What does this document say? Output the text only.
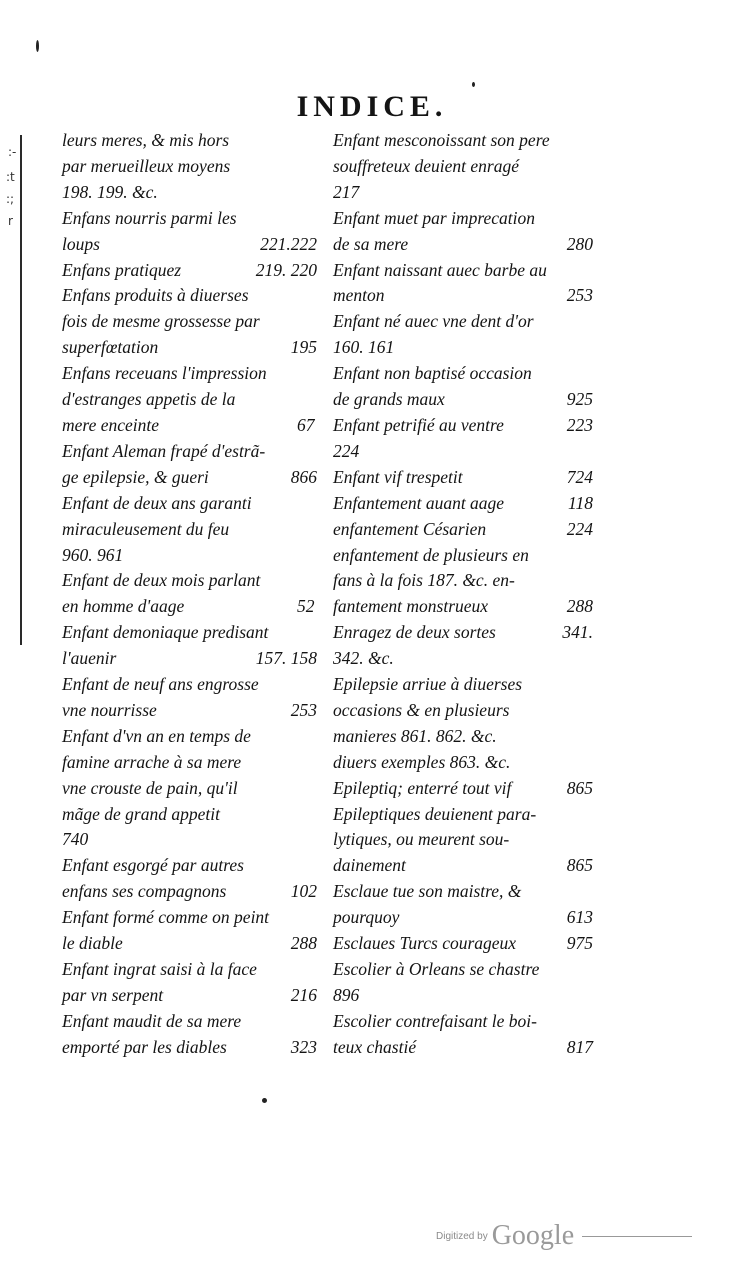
:-
:t
:;
r
INDICE.
leurs meres, & mis hors
par merueilleux moyens
198. 199. &c.
Enfans nourris parmi les
loups	221.222
Enfans pratiquez	219. 220
Enfans produits à diuerses
fois de mesme grossesse par
superfœtation	195
Enfans receuans l'impression
d'estranges appetis de la
mere enceinte	67
Enfant Aleman frapé d'estrã-
ge epilepsie, & gueri	866
Enfant de deux ans garanti
miraculeusement du feu
960. 961
Enfant de deux mois parlant
en homme d'aage	52
Enfant demoniaque predisant
l'auenir	157. 158
Enfant de neuf ans engrosse
vne nourrisse	253
Enfant d'vn an en temps de
famine arrache à sa mere
vne crouste de pain, qu'il
mãge de grand appetit
740
Enfant esgorgé par autres
enfans ses compagnons	102
Enfant formé comme on peint
le diable	288
Enfant ingrat saisi à la face
par vn serpent	216
Enfant maudit de sa mere
emporté par les diables	323
Enfant mesconoissant son pere
souffreteux deuient enragé
217
Enfant muet par imprecation
de sa mere	280
Enfant naissant auec barbe au
menton	253
Enfant né auec vne dent d'or
160. 161
Enfant non baptisé occasion
de grands maux	925
Enfant petrifié au ventre	223
224
Enfant vif trespetit	724
Enfantement auant aage	118
enfantement Césarien	224
enfantement de plusieurs en
fans à la fois 187. &c. en-
fantement monstrueux	288
Enragez de deux sortes	341.
342. &c.
Epilepsie arriue à diuerses
occasions & en plusieurs
manieres 861. 862. &c.
diuers exemples 863. &c.
Epileptiq; enterré tout vif	865
Epileptiques deuienent para-
lytiques, ou meurent sou-
dainement	865
Esclaue tue son maistre, &
pourquoy	613
Esclaues Turcs courageux	975
Escolier à Orleans se chastre
896
Escolier contrefaisant le boi-
teux chastié	817
Digitized by Google
